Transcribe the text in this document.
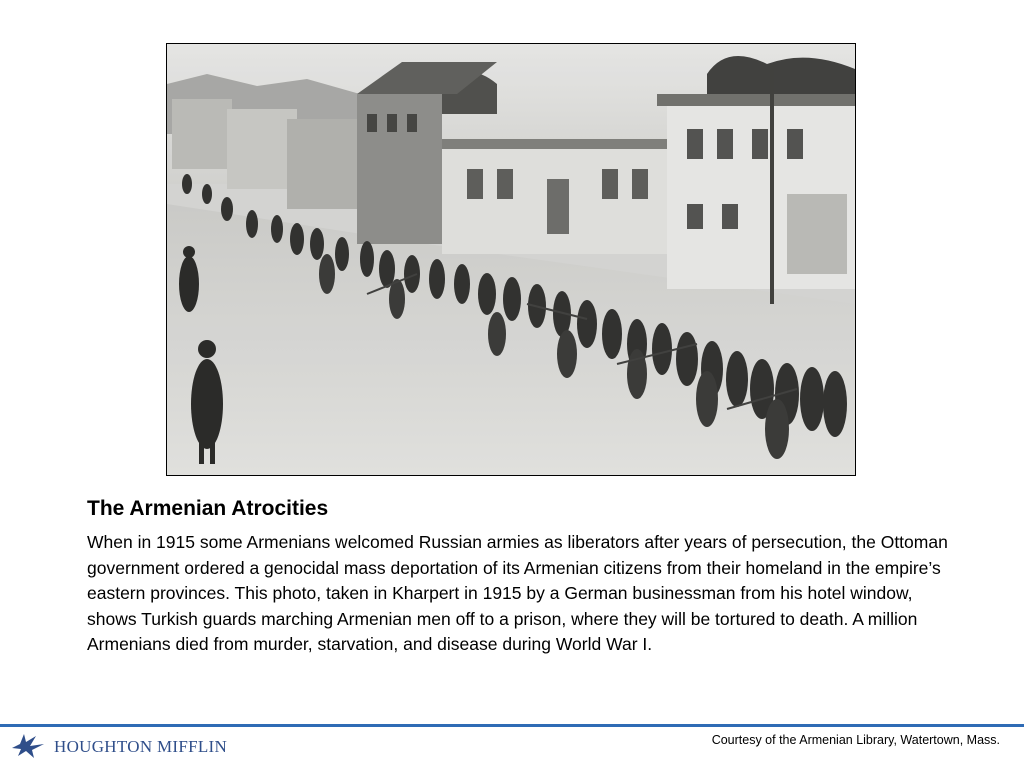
The Armenian Atrocities

When in 1915 some Armenians welcomed Russian armies as liberators after years of persecution, the Ottoman government ordered a genocidal mass deportation of its Armenian citizens from their homeland in the empire’s eastern provinces. This photo, taken in Kharpert in 1915 by a German businessman from his hotel window, shows Turkish guards marching Armenian men off to a prison, where they will be tortured to death. A million Armenians died from murder, starvation, and disease during World War I.

HOUGHTON MIFFLIN	Courtesy of the Armenian Library, Watertown, Mass.
